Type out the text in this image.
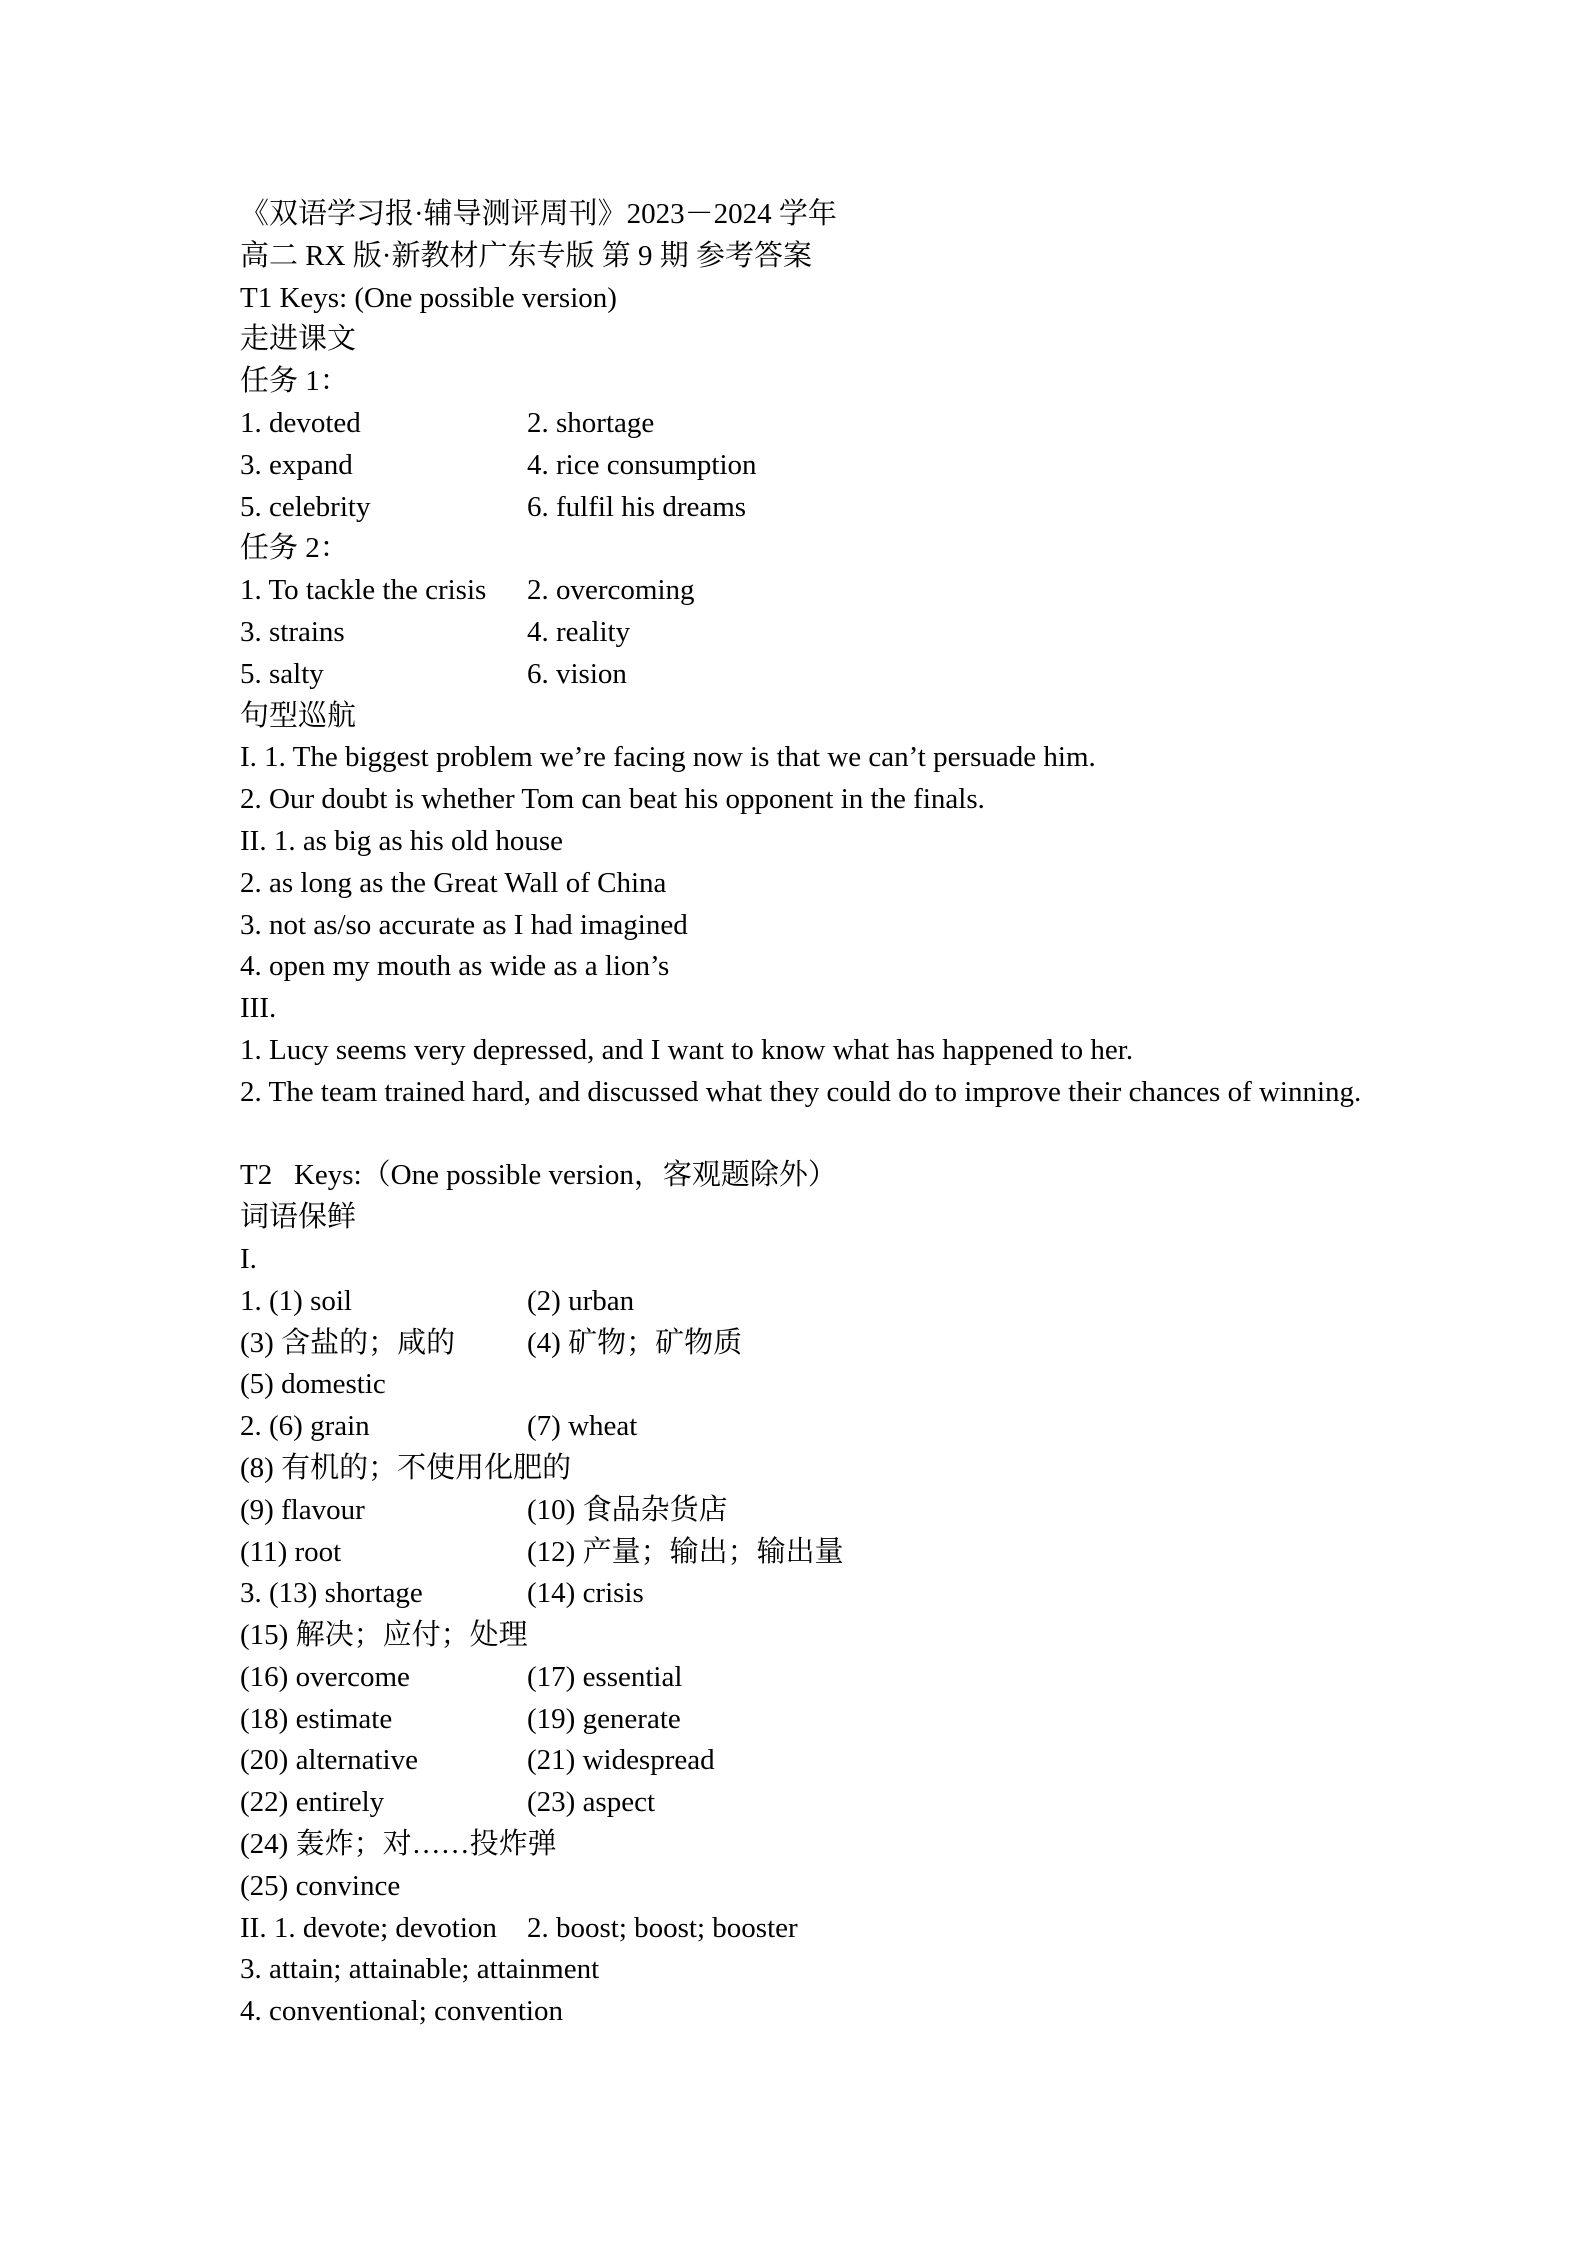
《双语学习报·辅导测评周刊》2023－2024 学年
高二 RX 版·新教材广东专版 第 9 期 参考答案
T1 Keys: (One possible version)
走进课文
任务 1：
1. devoted	2. shortage
3. expand	4. rice consumption
5. celebrity	6. fulfil his dreams
任务 2：
1. To tackle the crisis 2. overcoming
3. strains	4. reality
5. salty	6. vision
句型巡航
I. 1. The biggest problem we’re facing now is that we can’t persuade him.
2. Our doubt is whether Tom can beat his opponent in the finals.
II. 1. as big as his old house
2. as long as the Great Wall of China
3. not as/so accurate as I had imagined
4. open my mouth as wide as a lion’s
III.
1. Lucy seems very depressed, and I want to know what has happened to her.
2. The team trained hard, and discussed what they could do to improve their chances of winning.
T2   Keys:（One possible version，客观题除外）
词语保鲜
I.
1. (1) soil	(2) urban
(3) 含盐的；咸的 (4) 矿物；矿物质
(5) domestic
2. (6) grain	(7) wheat
(8) 有机的；不使用化肥的
(9) flavour	(10) 食品杂货店
(11) root	(12) 产量；输出；输出量
3. (13) shortage	(14) crisis
(15) 解决；应付；处理
(16) overcome	(17) essential
(18) estimate	(19) generate
(20) alternative	(21) widespread
(22) entirely	(23) aspect
(24) 轰炸；对……投炸弹
(25) convince
II. 1. devote; devotion 2. boost; boost; booster
3. attain; attainable; attainment
4. conventional; convention
